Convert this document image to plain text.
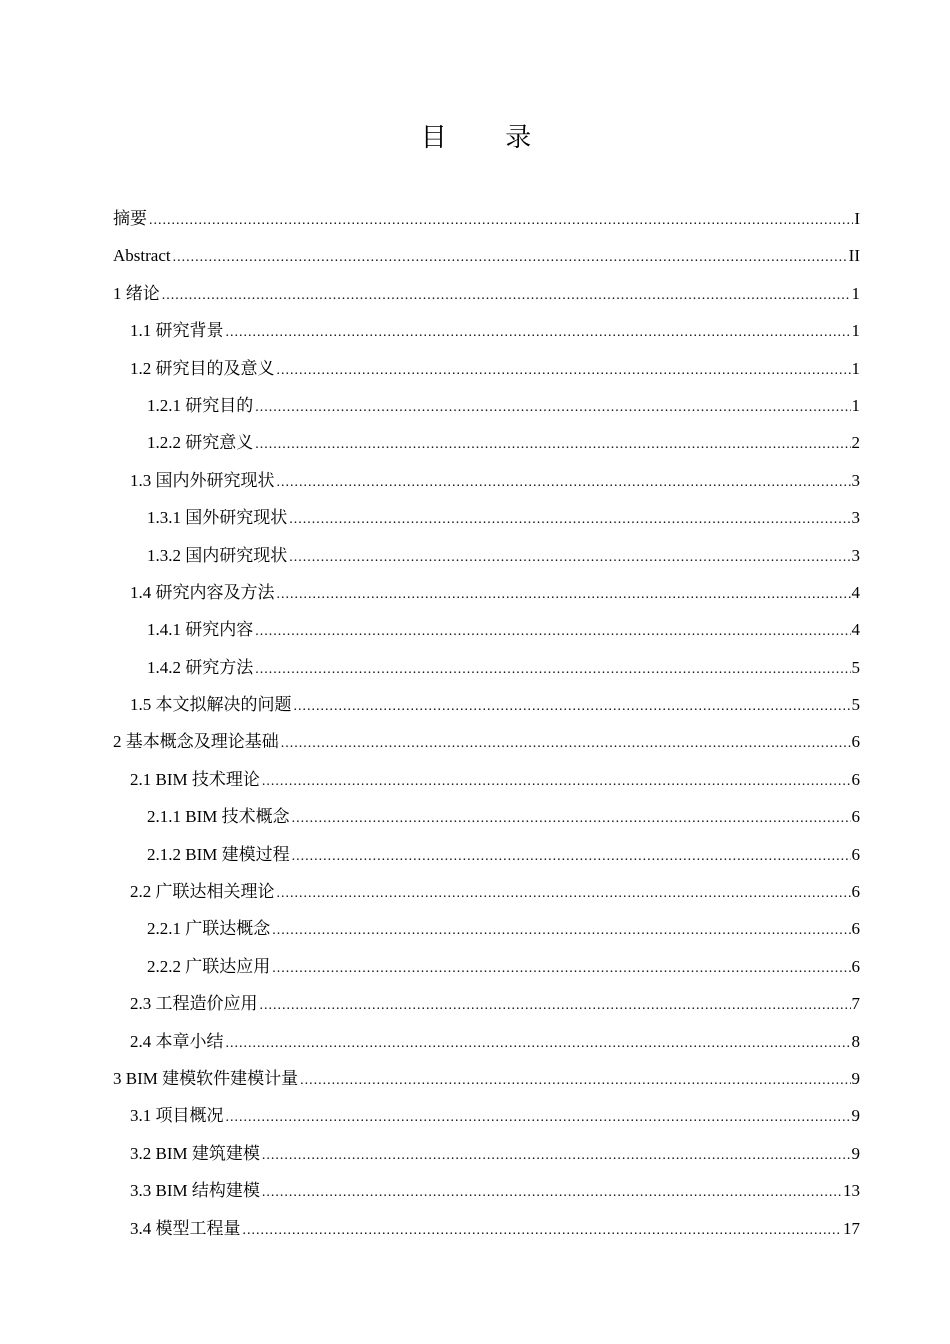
目 录
摘要 .....	I
Abstract .....	II
1 绪论 .....	1
1.1 研究背景 .....	1
1.2 研究目的及意义 .....	1
1.2.1 研究目的 .....	1
1.2.2 研究意义 .....	2
1.3 国内外研究现状 .....	3
1.3.1 国外研究现状 .....	3
1.3.2 国内研究现状 .....	3
1.4 研究内容及方法 .....	4
1.4.1 研究内容 .....	4
1.4.2 研究方法 .....	5
1.5 本文拟解决的问题 .....	5
2 基本概念及理论基础 .....	6
2.1 BIM 技术理论 .....	6
2.1.1 BIM 技术概念 .....	6
2.1.2 BIM 建模过程 .....	6
2.2 广联达相关理论 .....	6
2.2.1 广联达概念 .....	6
2.2.2 广联达应用 .....	6
2.3 工程造价应用 .....	7
2.4 本章小结 .....	8
3 BIM 建模软件建模计量 .....	9
3.1 项目概况 .....	9
3.2 BIM 建筑建模 .....	9
3.3 BIM 结构建模 .....	13
3.4 模型工程量 .....	17
